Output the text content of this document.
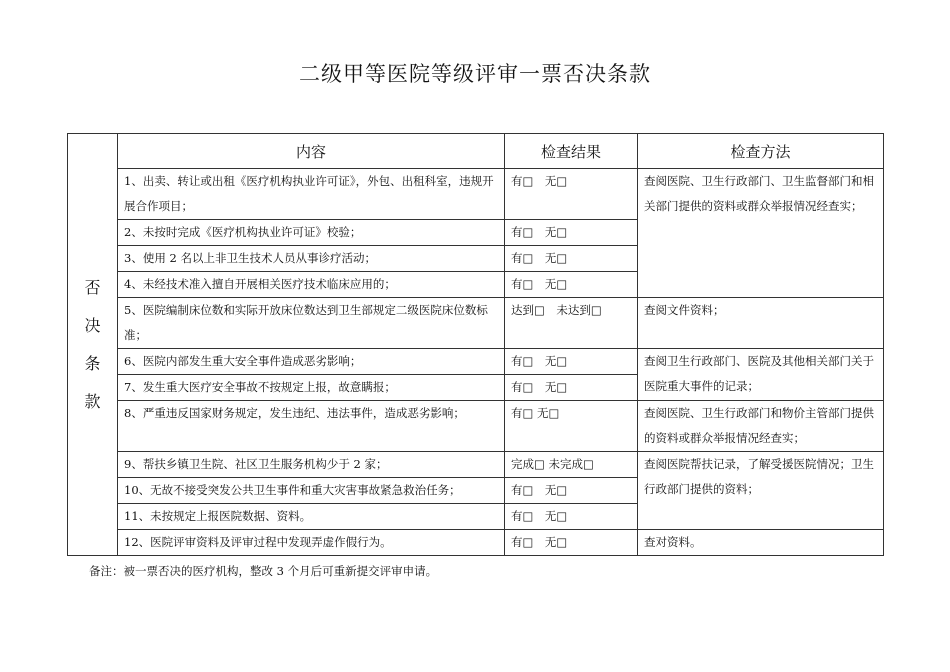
二级甲等医院等级评审一票否决条款
否
决
条
款	内容	检查结果	检查方法
	1、出卖、转让或出租《医疗机构执业许可证》，外包、出租科室，违规开展合作项目；	有□　无□	查阅医院、卫生行政部门、卫生监督部门和相关部门提供的资料或群众举报情况经查实；
	2、未按时完成《医疗机构执业许可证》校验；	有□　无□	
	3、使用 2 名以上非卫生技术人员从事诊疗活动；	有□　无□	
	4、未经技术准入擅自开展相关医疗技术临床应用的；	有□　无□	
	5、医院编制床位数和实际开放床位数达到卫生部规定二级医院床位数标准；	达到□　未达到□	查阅文件资料；
	6、医院内部发生重大安全事件造成恶劣影响；	有□　无□	查阅卫生行政部门、医院及其他相关部门关于医院重大事件的记录；
	7、发生重大医疗安全事故不按规定上报，故意瞒报；	有□　无□	
	8、严重违反国家财务规定，发生违纪、违法事件，造成恶劣影响；	有□ 无□	查阅医院、卫生行政部门和物价主管部门提供的资料或群众举报情况经查实；
	9、帮扶乡镇卫生院、社区卫生服务机构少于 2 家；	完成□ 未完成□	查阅医院帮扶记录，了解受援医院情况；卫生行政部门提供的资料；
	10、无故不接受突发公共卫生事件和重大灾害事故紧急救治任务；	有□　无□	
	11、未按规定上报医院数据、资料。	有□　无□	
	12、医院评审资料及评审过程中发现弄虚作假行为。	有□　无□	查对资料。
备注：被一票否决的医疗机构，整改 3 个月后可重新提交评审申请。
